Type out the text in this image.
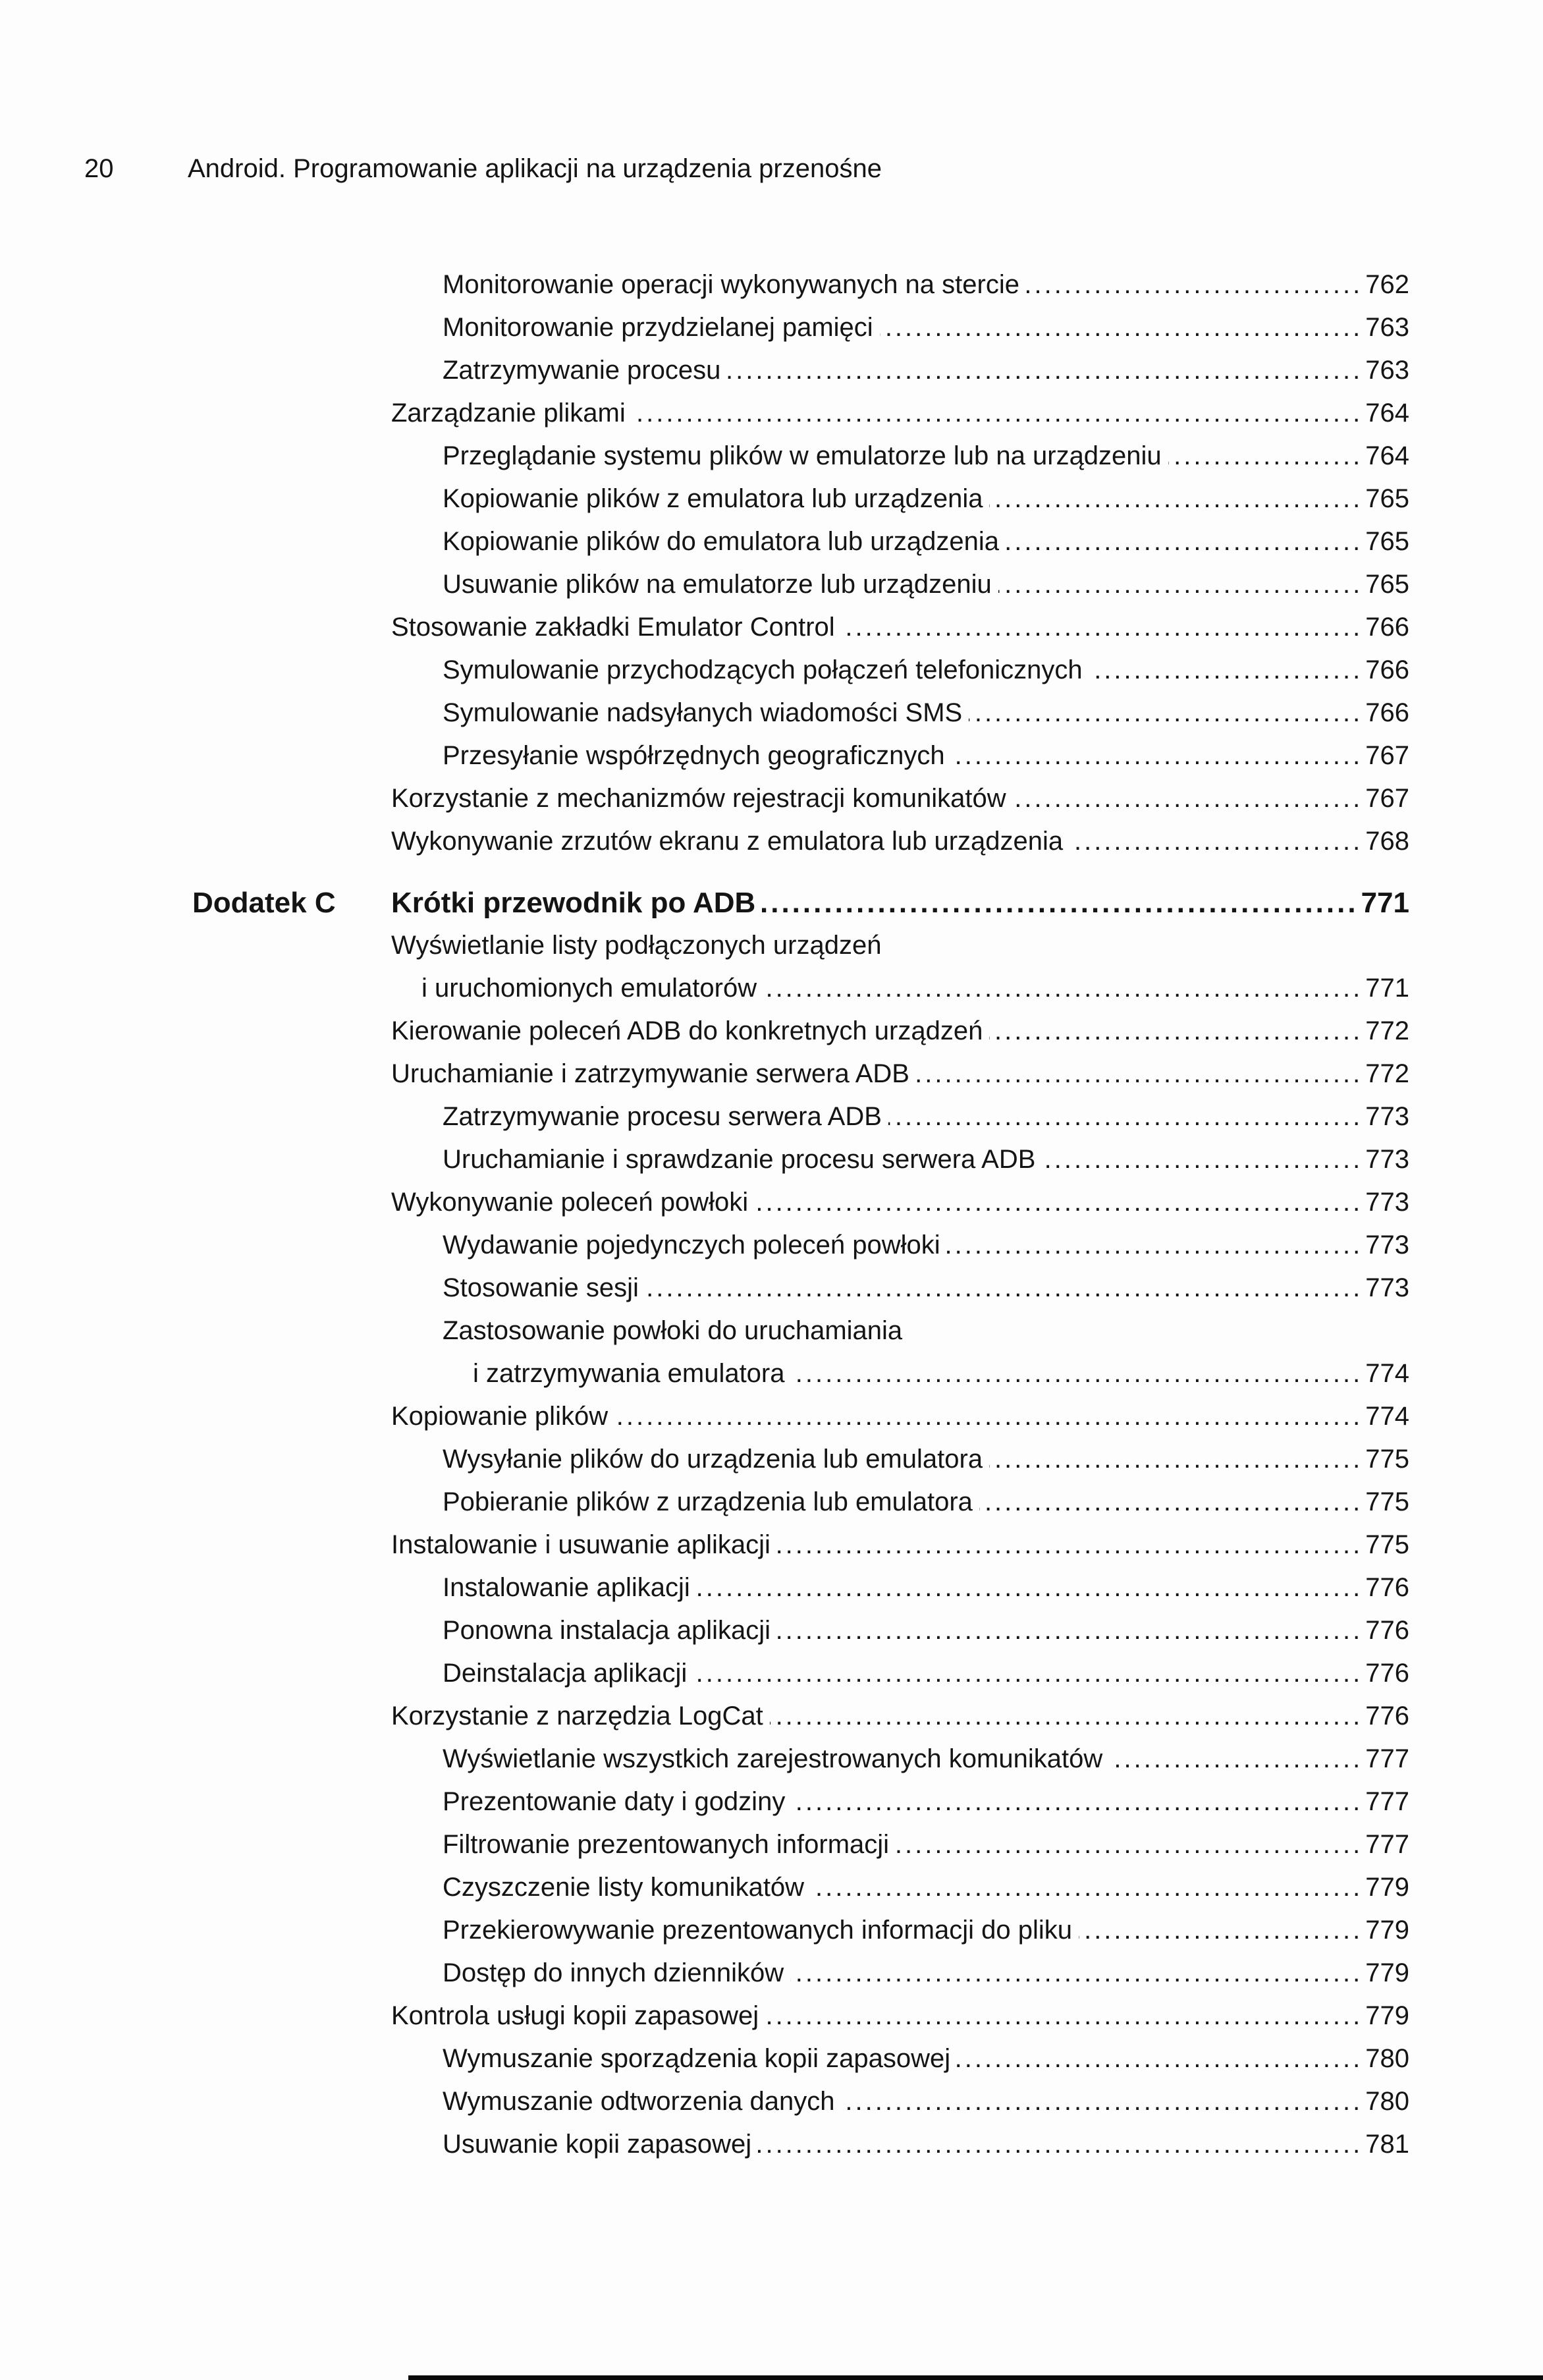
20	Android. Programowanie aplikacji na urządzenia przenośne
Monitorowanie operacji wykonywanych na stercie .....	762
Monitorowanie przydzielanej pamięci .....	763
Zatrzymywanie procesu .....	763
Zarządzanie plikami .....	764
Przeglądanie systemu plików w emulatorze lub na urządzeniu .....	764
Kopiowanie plików z emulatora lub urządzenia .....	765
Kopiowanie plików do emulatora lub urządzenia .....	765
Usuwanie plików na emulatorze lub urządzeniu .....	765
Stosowanie zakładki Emulator Control .....	766
Symulowanie przychodzących połączeń telefonicznych .....	766
Symulowanie nadsyłanych wiadomości SMS .....	766
Przesyłanie współrzędnych geograficznych .....	767
Korzystanie z mechanizmów rejestracji komunikatów .....	767
Wykonywanie zrzutów ekranu z emulatora lub urządzenia .....	768
Dodatek C Krótki przewodnik po ADB .....	771
Wyświetlanie listy podłączonych urządzeń
i uruchomionych emulatorów .....	771
Kierowanie poleceń ADB do konkretnych urządzeń .....	772
Uruchamianie i zatrzymywanie serwera ADB .....	772
Zatrzymywanie procesu serwera ADB .....	773
Uruchamianie i sprawdzanie procesu serwera ADB .....	773
Wykonywanie poleceń powłoki .....	773
Wydawanie pojedynczych poleceń powłoki .....	773
Stosowanie sesji .....	773
Zastosowanie powłoki do uruchamiania
i zatrzymywania emulatora .....	774
Kopiowanie plików .....	774
Wysyłanie plików do urządzenia lub emulatora .....	775
Pobieranie plików z urządzenia lub emulatora .....	775
Instalowanie i usuwanie aplikacji .....	775
Instalowanie aplikacji .....	776
Ponowna instalacja aplikacji .....	776
Deinstalacja aplikacji .....	776
Korzystanie z narzędzia LogCat .....	776
Wyświetlanie wszystkich zarejestrowanych komunikatów .....	777
Prezentowanie daty i godziny .....	777
Filtrowanie prezentowanych informacji .....	777
Czyszczenie listy komunikatów .....	779
Przekierowywanie prezentowanych informacji do pliku .....	779
Dostęp do innych dzienników .....	779
Kontrola usługi kopii zapasowej .....	779
Wymuszanie sporządzenia kopii zapasowej .....	780
Wymuszanie odtworzenia danych .....	780
Usuwanie kopii zapasowej .....	781
